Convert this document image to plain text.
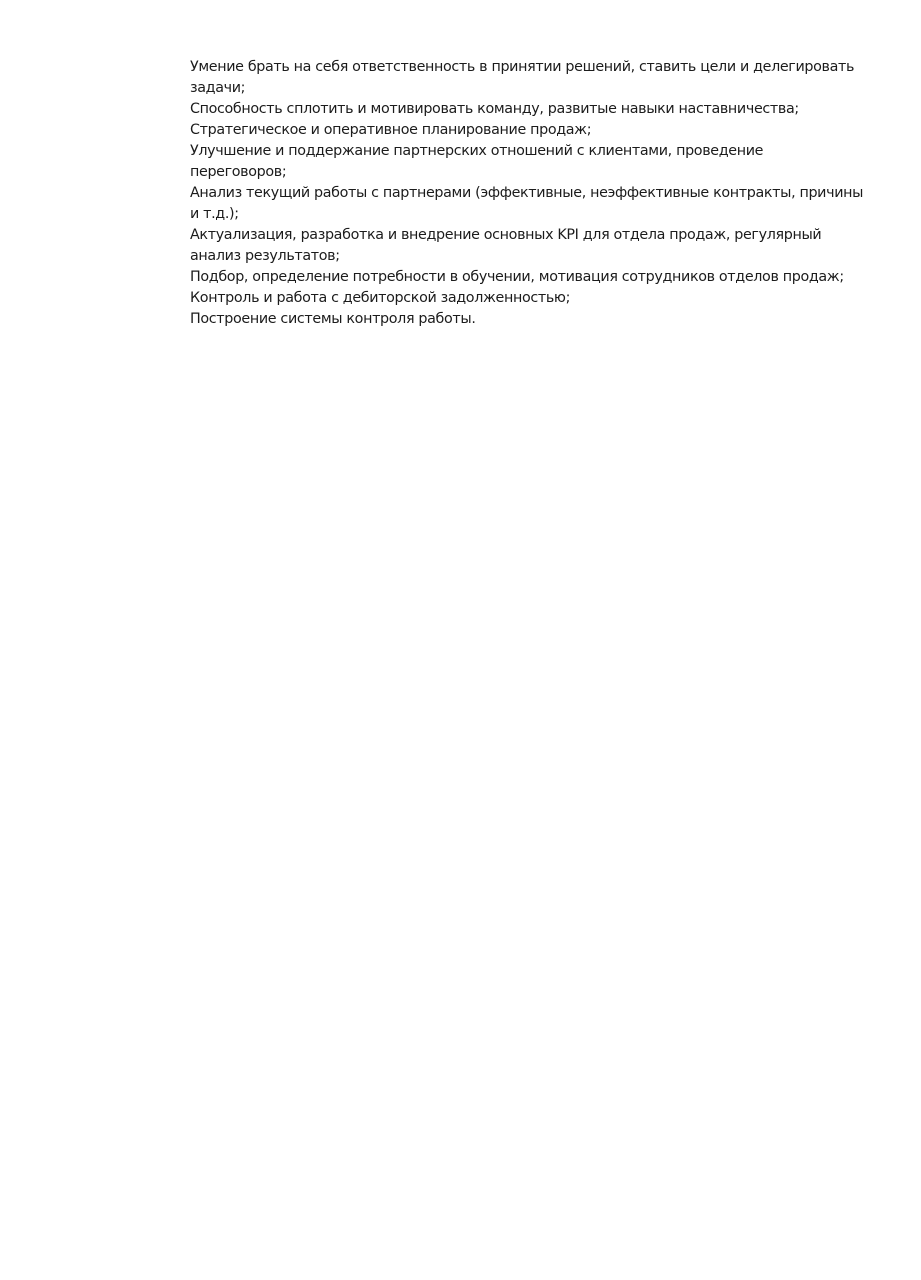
Умение брать на себя ответственность в принятии решений, ставить цели и делегировать
задачи;
Способность сплотить и мотивировать команду, развитые навыки наставничества;
Стратегическое и оперативное планирование продаж;
Улучшение и поддержание партнерских отношений с клиентами, проведение
переговоров;
Анализ текущий работы с партнерами (эффективные, неэффективные контракты, причины
и т.д.);
Актуализация, разработка и внедрение основных KPI для отдела продаж, регулярный
анализ результатов;
Подбор, определение потребности в обучении, мотивация сотрудников отделов продаж;
Контроль и работа с дебиторской задолженностью;
Построение системы контроля работы.
